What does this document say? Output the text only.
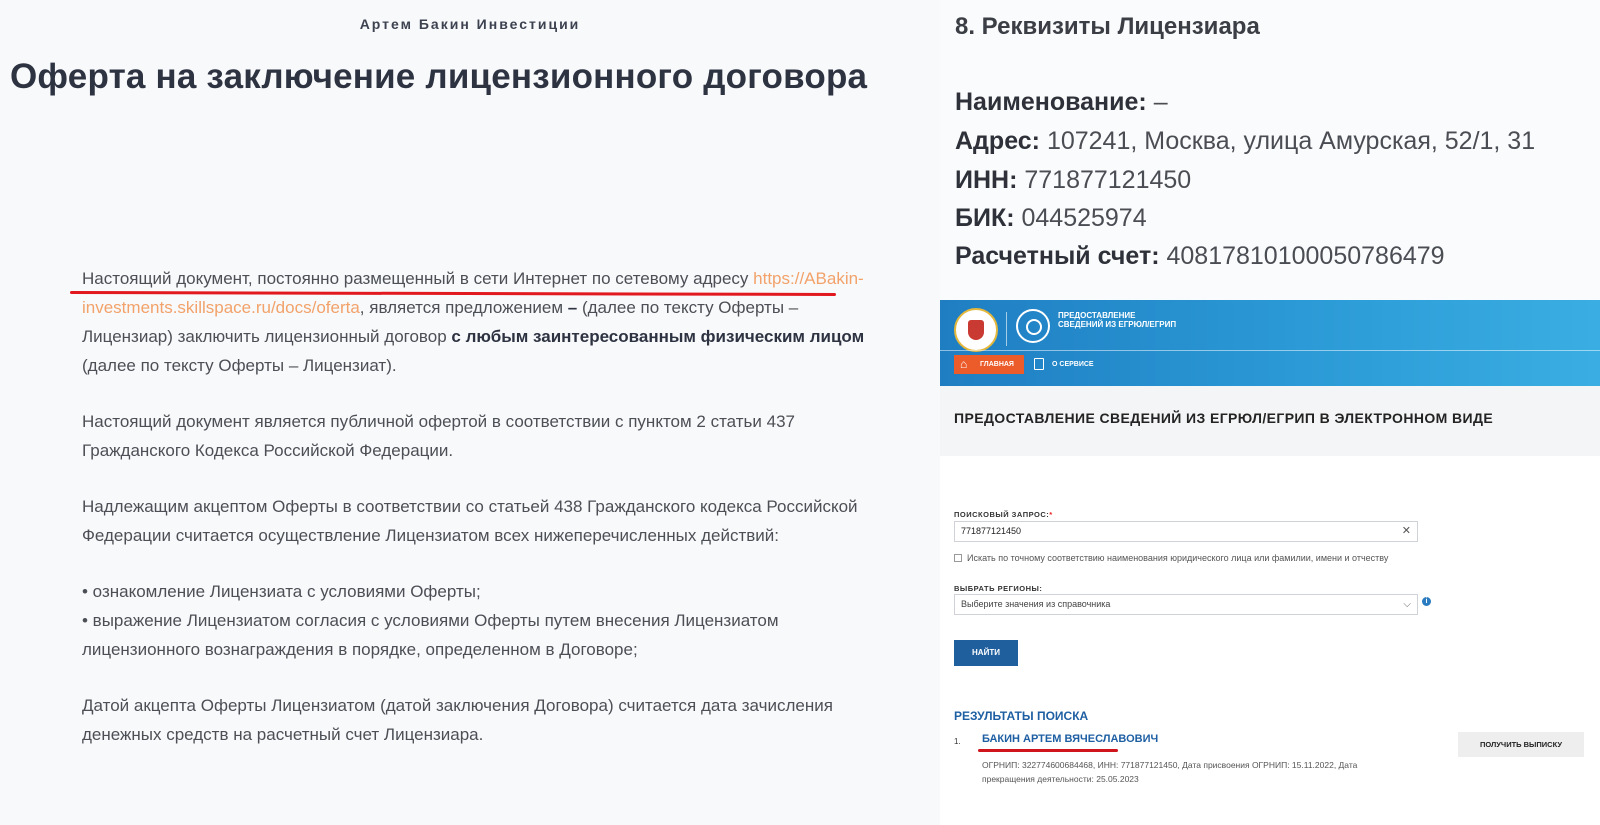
Артем Бакин Инвестиции
Оферта на заключение лицензионного договора

Настоящий документ, постоянно размещенный в сети Интернет по сетевому адресу https://ABakin-investments.skillspace.ru/docs/oferta, является предложением – (далее по тексту Оферты – Лицензиар) заключить лицензионный договор с любым заинтересованным физическим лицом (далее по тексту Оферты – Лицензиат).

Настоящий документ является публичной офертой в соответствии с пунктом 2 статьи 437 Гражданского Кодекса Российской Федерации.

Надлежащим акцептом Оферты в соответствии со статьей 438 Гражданского кодекса Российской Федерации считается осуществление Лицензиатом всех нижеперечисленных действий:

• ознакомление Лицензиата с условиями Оферты;
• выражение Лицензиатом согласия с условиями Оферты путем внесения Лицензиатом лицензионного вознаграждения в порядке, определенном в Договоре;

Датой акцепта Оферты Лицензиатом (датой заключения Договора) считается дата зачисления денежных средств на расчетный счет Лицензиара.

8. Реквизиты Лицензиара
Наименование: –
Адрес: 107241, Москва, улица Амурская, 52/1, 31
ИНН: 771877121450
БИК: 044525974
Расчетный счет: 40817810100050786479
ПРЕДОСТАВЛЕНИЕ СВЕДЕНИЙ ИЗ ЕГРЮЛ/ЕГРИП
⌂ ГЛАВНАЯ	О СЕРВИСЕ
ПРЕДОСТАВЛЕНИЕ СВЕДЕНИЙ ИЗ ЕГРЮЛ/ЕГРИП В ЭЛЕКТРОННОМ ВИДЕ
ПОИСКОВЫЙ ЗАПРОС:*
771877121450	✕
Искать по точному соответствию наименования юридического лица или фамилии, имени и отчеству
ВЫБРАТЬ РЕГИОНЫ:
Выберите значения из справочника	⌵	i
НАЙТИ
РЕЗУЛЬТАТЫ ПОИСКА
1. БАКИН АРТЕМ ВЯЧЕСЛАВОВИЧ
ОГРНИП: 322774600684468, ИНН: 771877121450, Дата присвоения ОГРНИП: 15.11.2022, Дата прекращения деятельности: 25.05.2023
ПОЛУЧИТЬ ВЫПИСКУ
